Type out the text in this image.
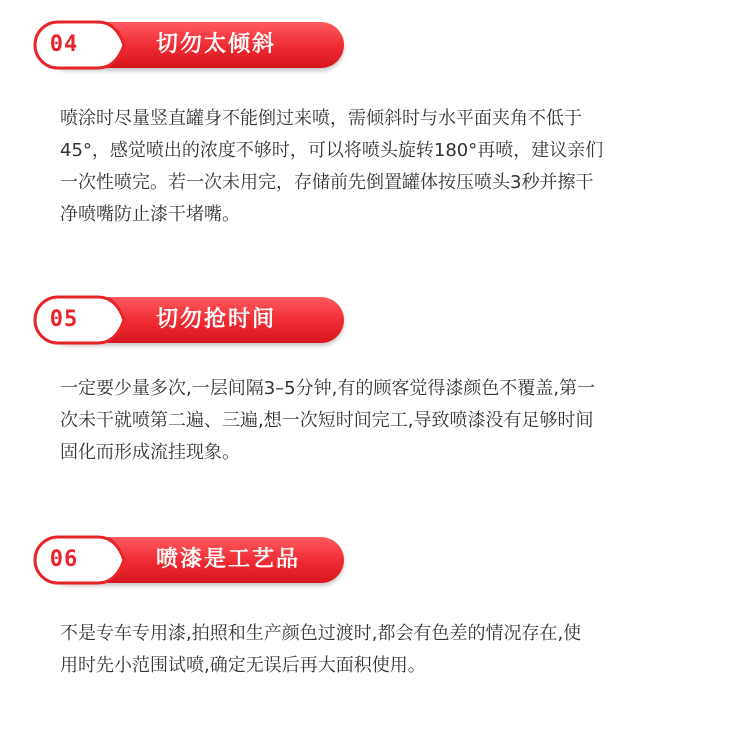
切勿太倾斜
04
喷涂时尽量竖直罐身不能倒过来喷，需倾斜时与水平面夹角不低于
45°，感觉喷出的浓度不够时，可以将喷头旋转180°再喷，建议亲们
一次性喷完。若一次未用完，存储前先倒置罐体按压喷头3秒并擦干
净喷嘴防止漆干堵嘴。
切勿抢时间
05
一定要少量多次,一层间隔3–5分钟,有的顾客觉得漆颜色不覆盖,第一
次未干就喷第二遍、三遍,想一次短时间完工,导致喷漆没有足够时间
固化而形成流挂现象。
喷漆是工艺品
06
不是专车专用漆,拍照和生产颜色过渡时,都会有色差的情况存在,使
用时先小范围试喷,确定无误后再大面积使用。
